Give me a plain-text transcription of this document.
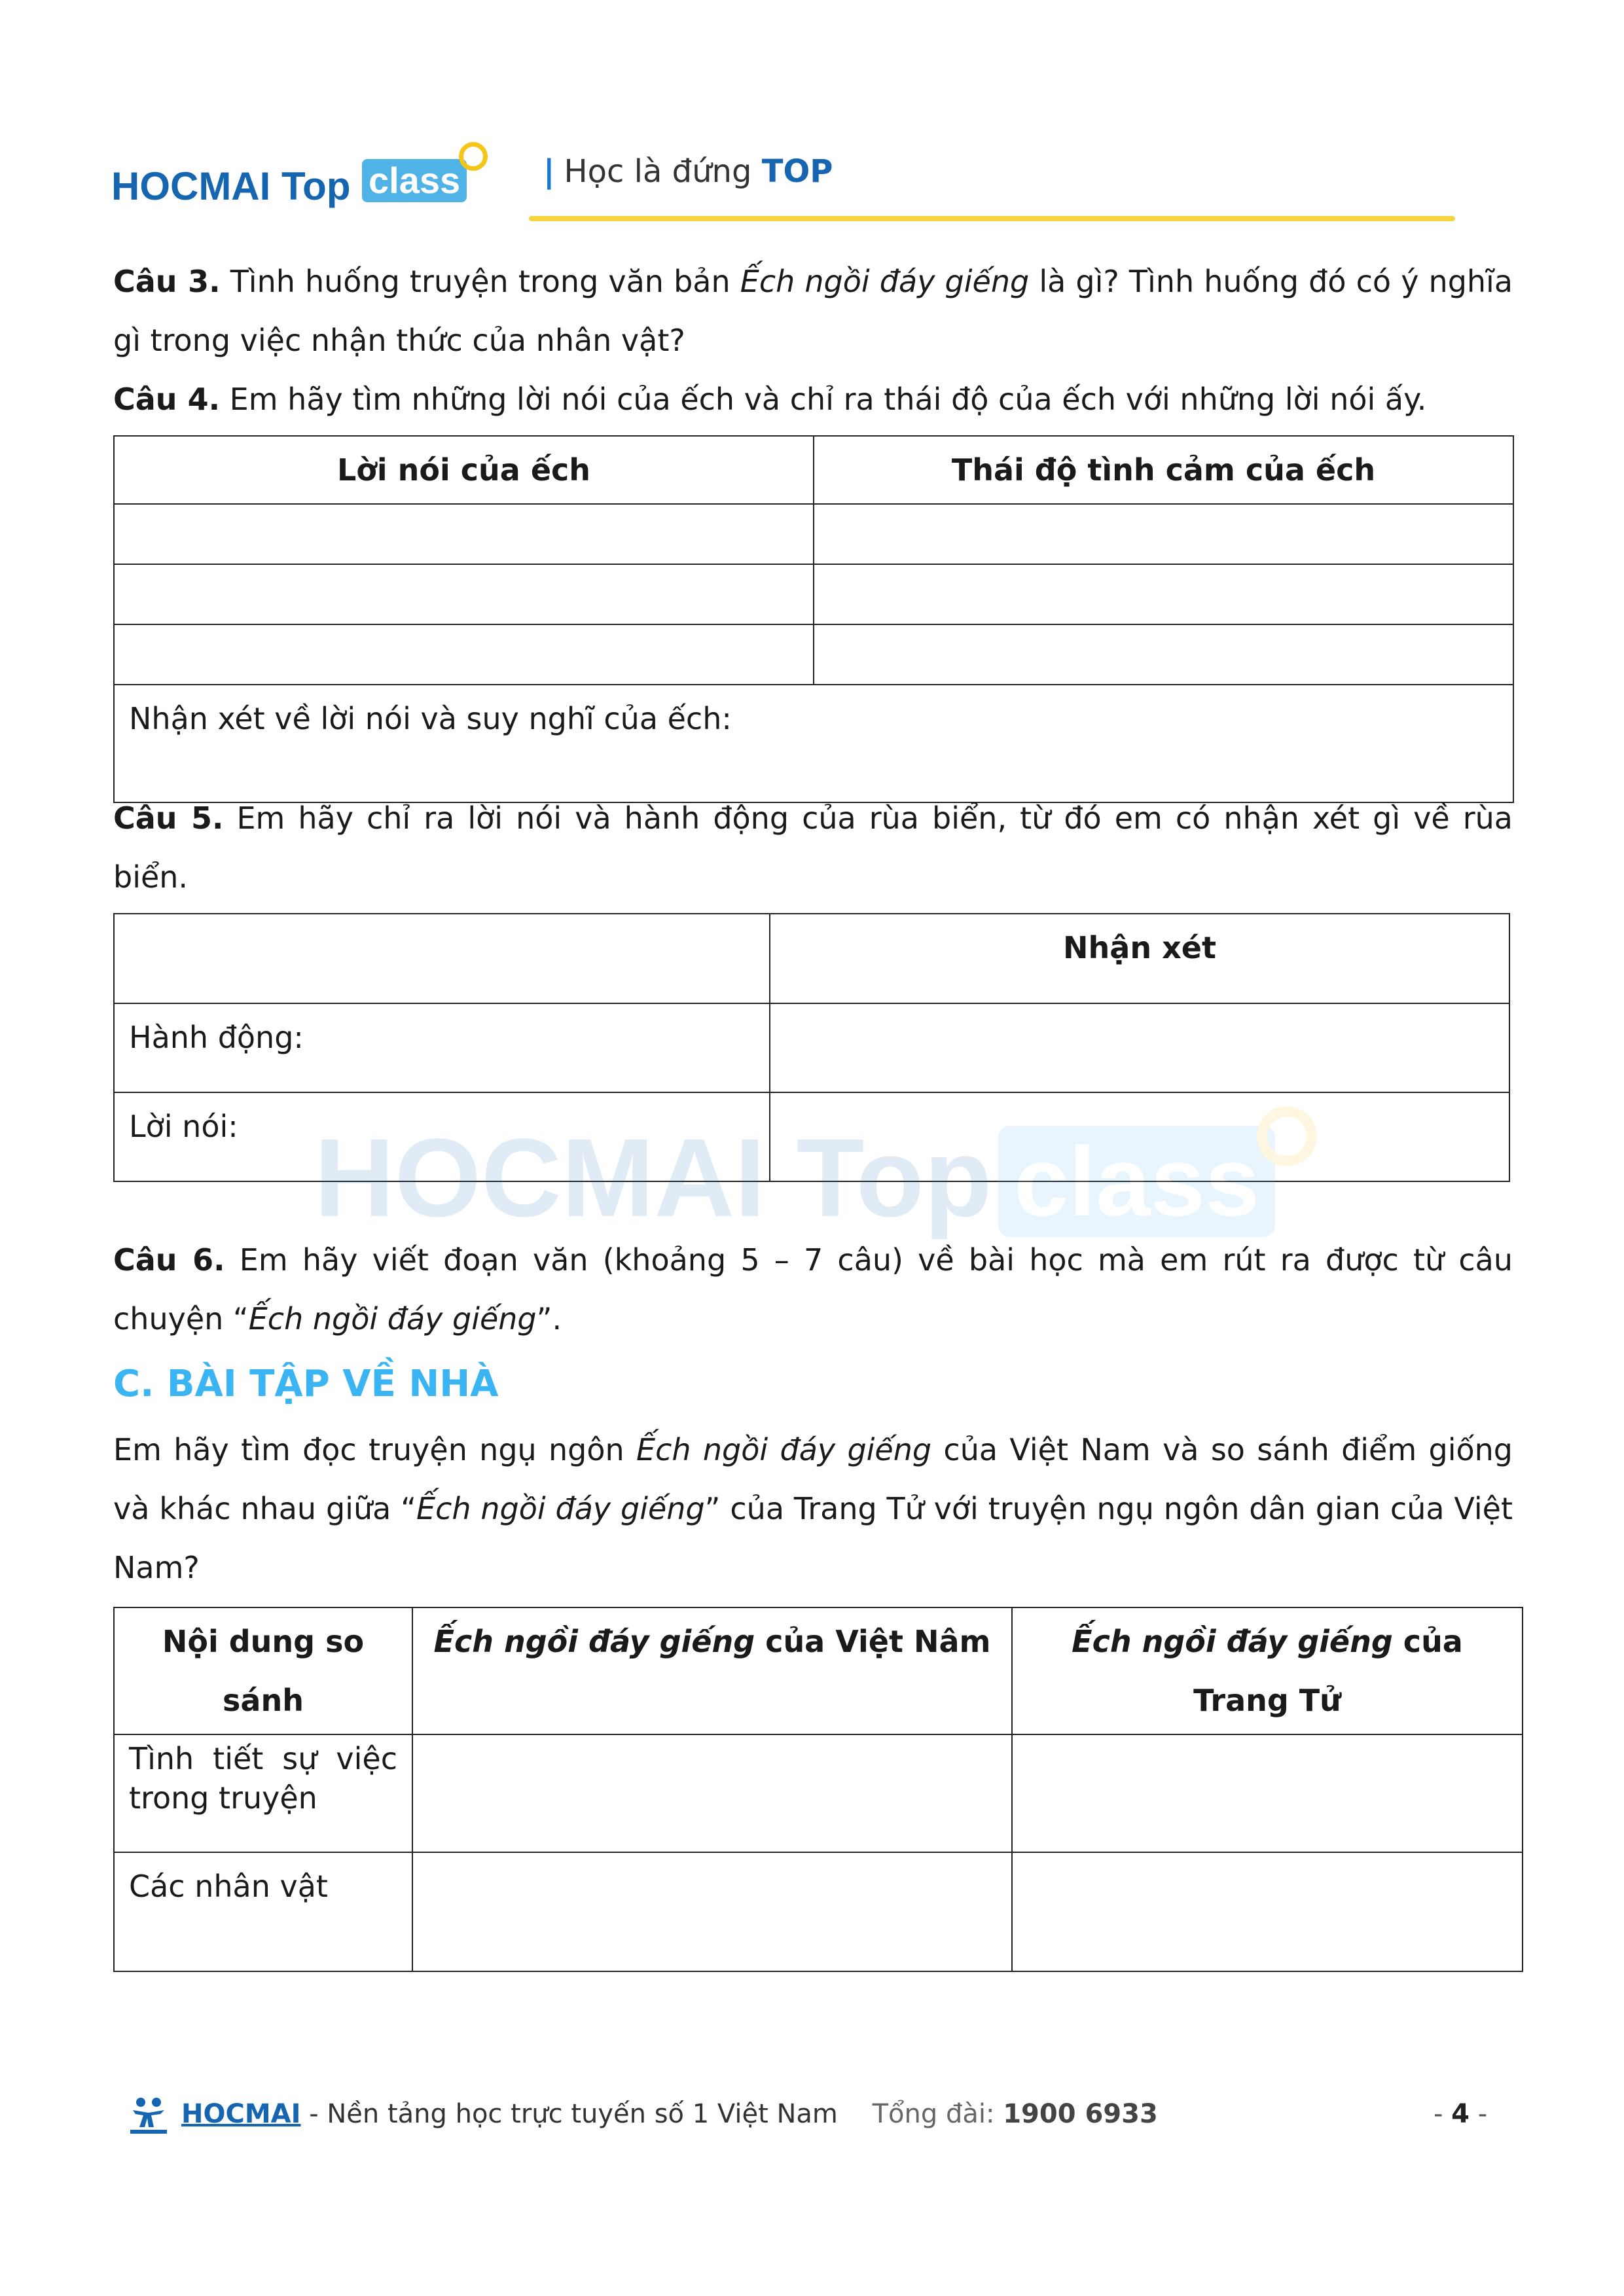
HOCMAI Top class	| Học là đứng TOP
Câu 3. Tình huống truyện trong văn bản Ếch ngồi đáy giếng là gì? Tình huống đó có ý nghĩa gì trong việc nhận thức của nhân vật?
Câu 4. Em hãy tìm những lời nói của ếch và chỉ ra thái độ của ếch với những lời nói ấy.
Lời nói của ếch	Thái độ tình cảm của ếch

Nhận xét về lời nói và suy nghĩ của ếch:	
Câu 5. Em hãy chỉ ra lời nói và hành động của rùa biển, từ đó em có nhận xét gì về rùa biển.
	Nhận xét
Hành động:	
Lời nói:	HOCMAI Top class
Câu 6. Em hãy viết đoạn văn (khoảng 5 – 7 câu) về bài học mà em rút ra được từ câu chuyện “Ếch ngồi đáy giếng”.
C. BÀI TẬP VỀ NHÀ
Em hãy tìm đọc truyện ngụ ngôn Ếch ngồi đáy giếng của Việt Nam và so sánh điểm giống và khác nhau giữa “Ếch ngồi đáy giếng” của Trang Tử với truyện ngụ ngôn dân gian của Việt Nam?
Nội dung so sánh	Ếch ngồi đáy giếng của Việt Nâm	Ếch ngồi đáy giếng của Trang Tử
Tình tiết sự việc trong truyện		
Các nhân vật		
HOCMAI - Nền tảng học trực tuyến số 1 Việt Nam Tổng đài: 1900 6933	- 4 -
